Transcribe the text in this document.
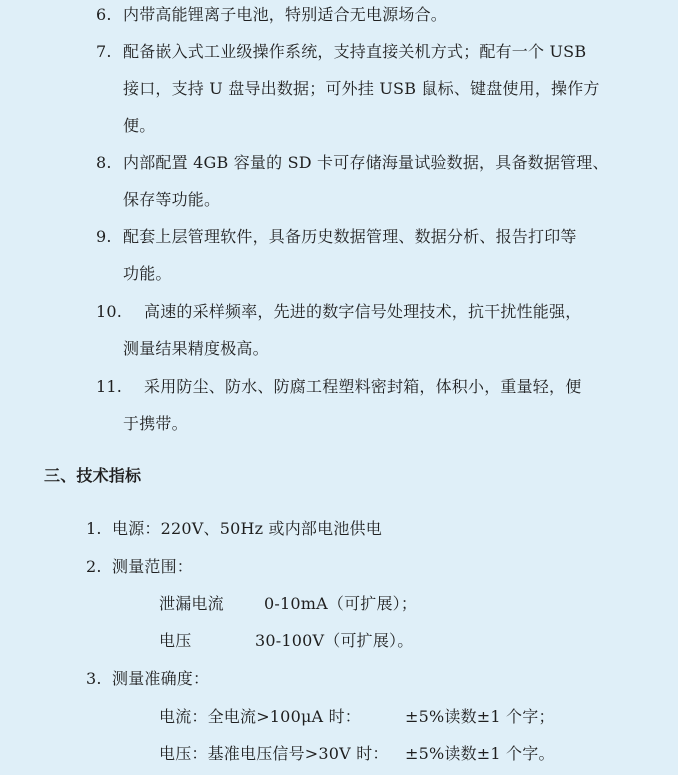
6. 内带高能锂离子电池，特别适合无电源场合。
7. 配备嵌入式工业级操作系统，支持直接关机方式；配有一个 USB
接口，支持 U 盘导出数据；可外挂 USB 鼠标、键盘使用，操作方
便。
8. 内部配置 4GB 容量的 SD 卡可存储海量试验数据，具备数据管理、
保存等功能。
9. 配套上层管理软件，具备历史数据管理、数据分析、报告打印等
功能。
10. 高速的采样频率，先进的数字信号处理技术，抗干扰性能强，
测量结果精度极高。
11. 采用防尘、防水、防腐工程塑料密封箱，体积小，重量轻，便
于携带。
三、技术指标
1. 电源：220V、50Hz 或内部电池供电
2. 测量范围：
泄漏电流	0-10mA（可扩展）；
电压	30-100V（可扩展）。
3. 测量准确度：
电流：全电流>100μA 时：	±5%读数±1 个字；
电压：基准电压信号>30V 时： ±5%读数±1 个字。
